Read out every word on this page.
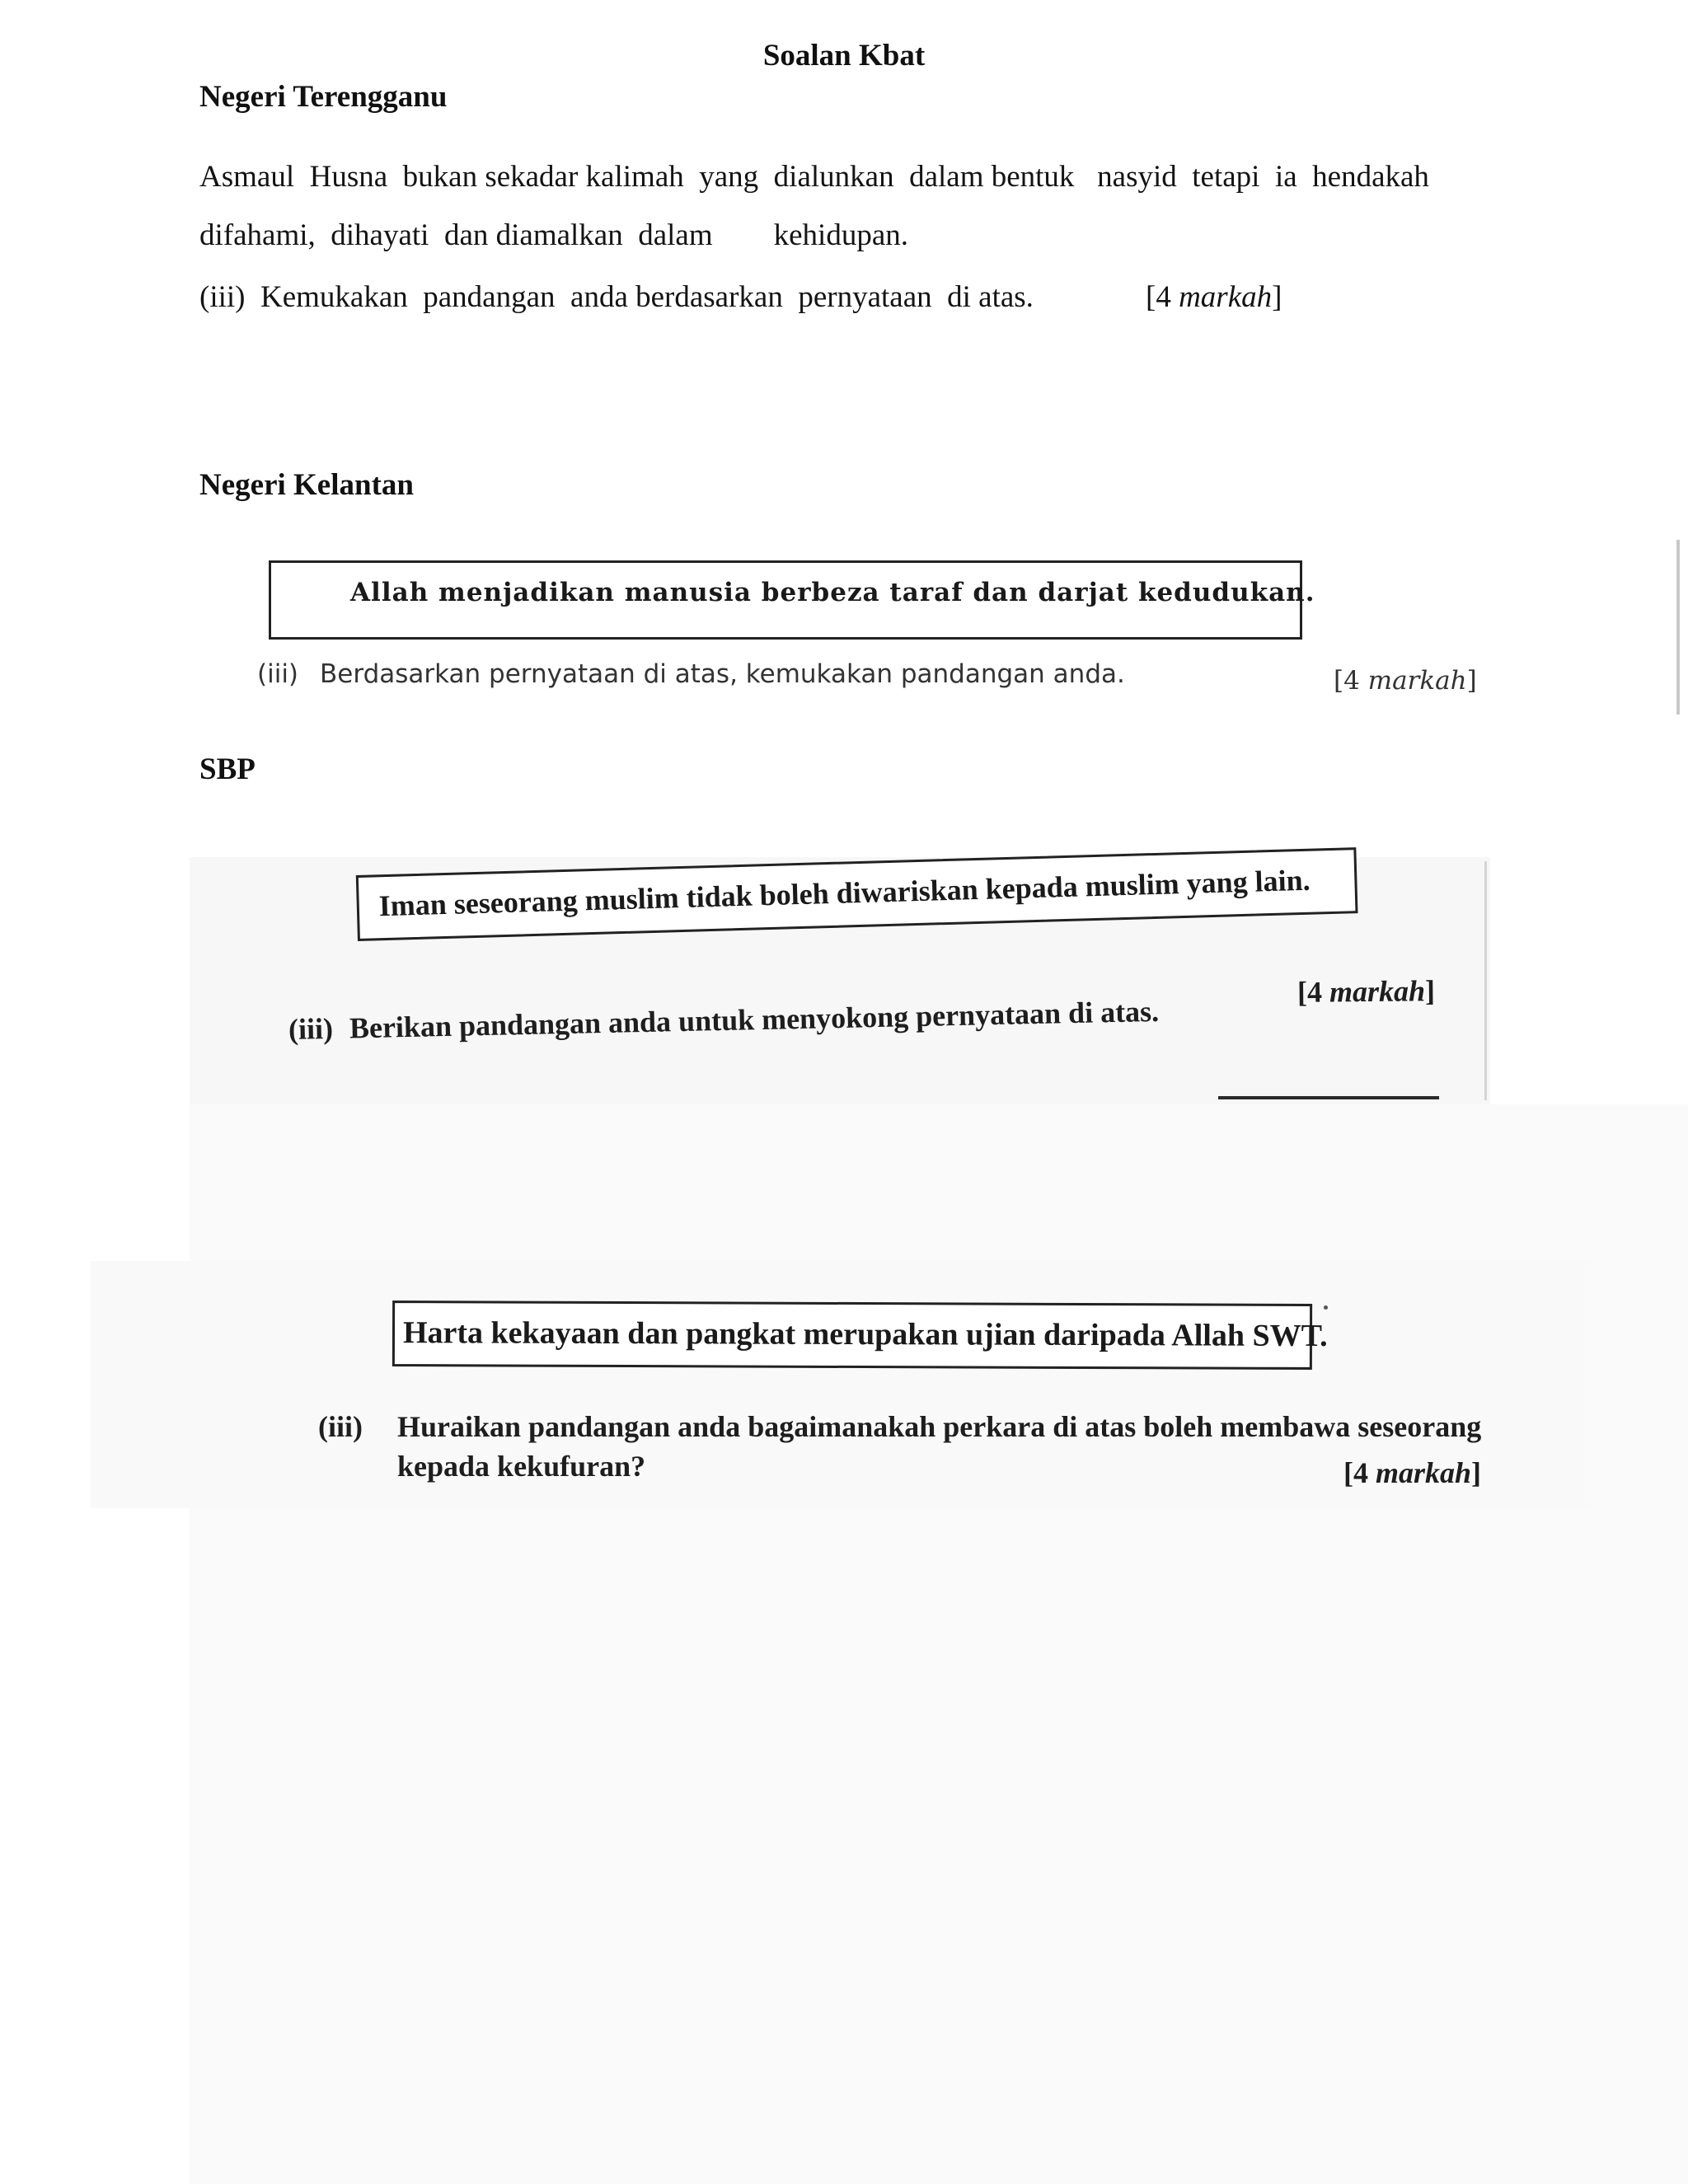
Soalan Kbat
Negeri Terengganu
Asmaul  Husna  bukan sekadar kalimah  yang  dialunkan  dalam bentuk   nasyid  tetapi  ia  hendakah
difahami,  dihayati  dan diamalkan  dalam        kehidupan.
(iii)  Kemukakan  pandangan  anda berdasarkan  pernyataan  di atas.	[4 markah]
Negeri Kelantan
Allah menjadikan manusia berbeza taraf dan darjat kedudukan.
(iii) Berdasarkan pernyataan di atas, kemukakan pandangan anda.	[4 markah]
SBP
Iman seseorang muslim tidak boleh diwariskan kepada muslim yang lain.
(iii) Berikan pandangan anda untuk menyokong pernyataan di atas.
[4 markah]
Harta kekayaan dan pangkat merupakan ujian daripada Allah SWT.
(iii) Huraikan pandangan anda bagaimanakah perkara di atas boleh membawa seseorang
kepada kekufuran?	[4 markah]
